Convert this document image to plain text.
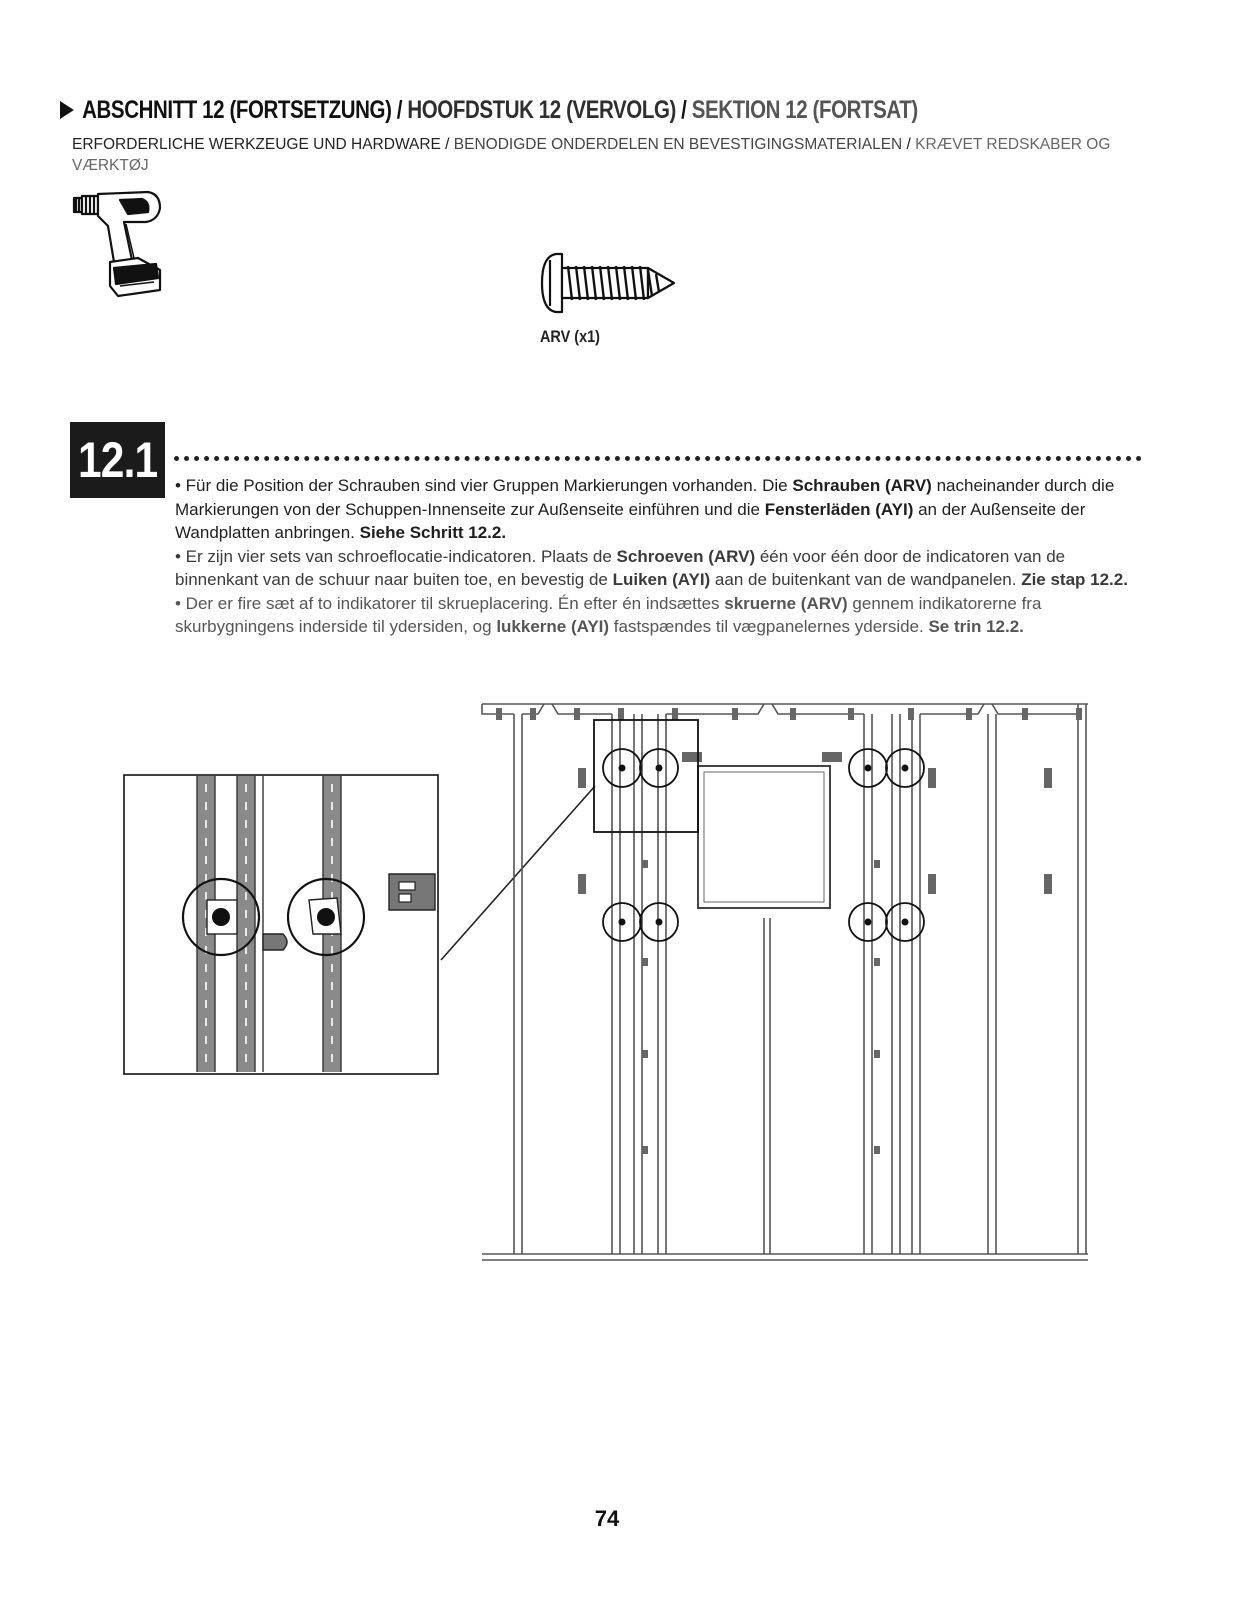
ABSCHNITT 12 (FORTSETZUNG) / HOOFDSTUK 12 (VERVOLG) / SEKTION 12 (FORTSAT)
ERFORDERLICHE WERKZEUGE UND HARDWARE / BENODIGDE ONDERDELEN EN BEVESTIGINGSMATERIALEN / KRÆVET REDSKABER OG VÆRKTØJ
ARV (x1)
12.1 • Für die Position der Schrauben sind vier Gruppen Markierungen vorhanden. Die Schrauben (ARV) nacheinander durch die Markierungen von der Schuppen-Innenseite zur Außenseite einführen und die Fensterläden (AYI) an der Außenseite der Wandplatten anbringen. Siehe Schritt 12.2.

• Er zijn vier sets van schroeflocatie-indicatoren. Plaats de Schroeven (ARV) één voor één door de indicatoren van de binnenkant van de schuur naar buiten toe, en bevestig de Luiken (AYI) aan de buitenkant van de wandpanelen. Zie stap 12.2.

• Der er fire sæt af to indikatorer til skrueplacering. Én efter én indsættes skruerne (ARV) gennem indikatorerne fra skurbygningens inderside til ydersiden, og lukkerne (AYI) fastspændes til vægpanelernes yderside. Se trin 12.2.

74
